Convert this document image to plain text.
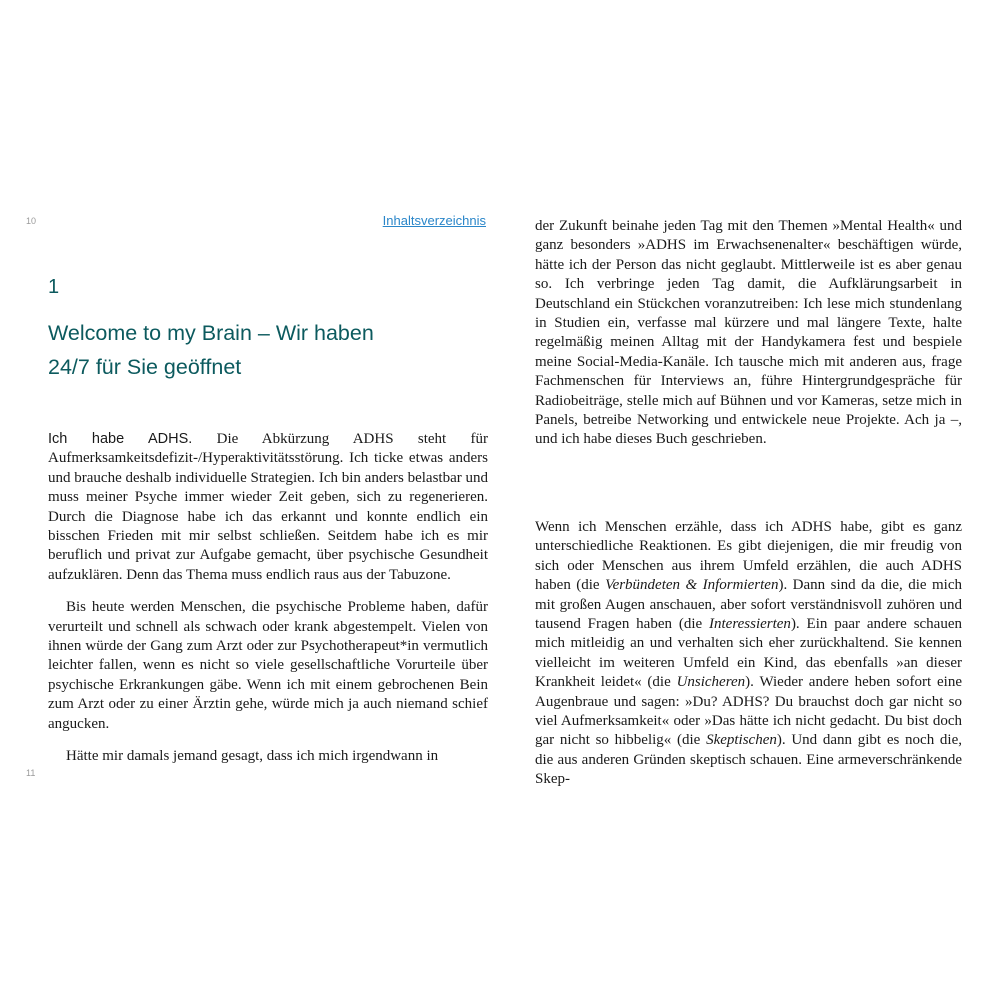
10
11
Inhaltsverzeichnis
1
Welcome to my Brain – Wir haben
24/7 für Sie geöffnet

Ich habe ADHS. Die Abkürzung ADHS steht für Aufmerksamkeitsdefizit-/Hyperaktivitätsstörung. Ich ticke etwas anders und brauche deshalb individuelle Strategien. Ich bin anders belastbar und muss meiner Psyche immer wieder Zeit geben, sich zu regenerieren. Durch die Diagnose habe ich das erkannt und konnte endlich ein bisschen Frieden mit mir selbst schließen. Seitdem habe ich es mir beruflich und privat zur Aufgabe gemacht, über psychische Gesundheit aufzuklären. Denn das Thema muss endlich raus aus der Tabuzone.

Bis heute werden Menschen, die psychische Probleme haben, dafür verurteilt und schnell als schwach oder krank abgestempelt. Vielen von ihnen würde der Gang zum Arzt oder zur Psychotherapeut*in vermutlich leichter fallen, wenn es nicht so viele gesellschaftliche Vorurteile über psychische Erkrankungen gäbe. Wenn ich mit einem gebrochenen Bein zum Arzt oder zu einer Ärztin gehe, würde mich ja auch niemand schief angucken.

Hätte mir damals jemand gesagt, dass ich mich irgendwann in

der Zukunft beinahe jeden Tag mit den Themen »Mental Health« und ganz besonders »ADHS im Erwachsenenalter« beschäftigen würde, hätte ich der Person das nicht geglaubt. Mittlerweile ist es aber genau so. Ich verbringe jeden Tag damit, die Aufklärungsarbeit in Deutschland ein Stückchen voranzutreiben: Ich lese mich stundenlang in Studien ein, verfasse mal kürzere und mal längere Texte, halte regelmäßig meinen Alltag mit der Handykamera fest und bespiele meine Social-Media-Kanäle. Ich tausche mich mit anderen aus, frage Fachmenschen für Interviews an, führe Hintergrundgespräche für Radiobeiträge, stelle mich auf Bühnen und vor Kameras, setze mich in Panels, betreibe Networking und entwickele neue Projekte. Ach ja –, und ich habe dieses Buch geschrieben.

Wenn ich Menschen erzähle, dass ich ADHS habe, gibt es ganz unterschiedliche Reaktionen. Es gibt diejenigen, die mir freudig von sich oder Menschen aus ihrem Umfeld erzählen, die auch ADHS haben (die Verbündeten & Informierten). Dann sind da die, die mich mit großen Augen anschauen, aber sofort verständnisvoll zuhören und tausend Fragen haben (die Interessierten). Ein paar andere schauen mich mitleidig an und verhalten sich eher zurückhaltend. Sie kennen vielleicht im weiteren Umfeld ein Kind, das ebenfalls »an dieser Krankheit leidet« (die Unsicheren). Wieder andere heben sofort eine Augenbraue und sagen: »Du? ADHS? Du brauchst doch gar nicht so viel Aufmerksamkeit« oder »Das hätte ich nicht gedacht. Du bist doch gar nicht so hibbelig« (die Skeptischen). Und dann gibt es noch die, die aus anderen Gründen skeptisch schauen. Eine armeverschränkende Skep-
